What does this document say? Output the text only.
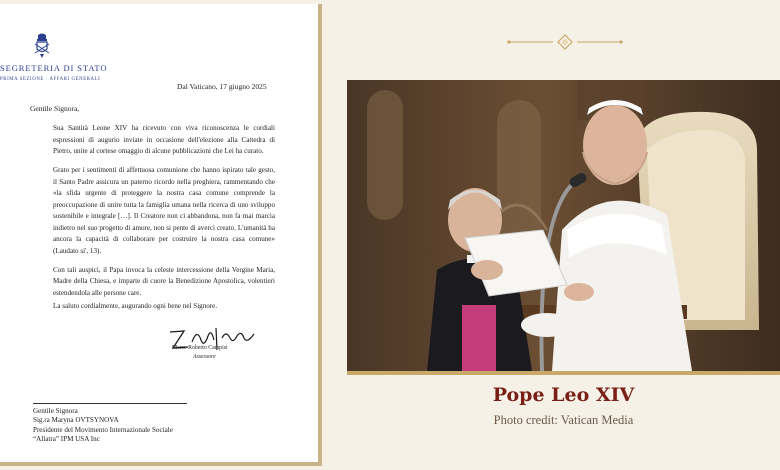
SEGRETERIA DI STATO
PRIMA SEZIONE · AFFARI GENERALI
Dal Vaticano, 17 giugno 2025
Gentile Signora,

Sua Santità Leone XIV ha ricevuto con viva riconoscenza le cordiali espressioni di augurio inviate in occasione dell'elezione alla Cattedra di Pietro, unite al cortese omaggio di alcune pubblicazioni che Lei ha curato.

Grato per i sentimenti di affettuosa comunione che hanno ispirato tale gesto, il Santo Padre assicura un paterno ricordo nella preghiera, rammentando che «la sfida urgente di proteggere la nostra casa comune comprende la preoccupazione di unire tutta la famiglia umana nella ricerca di uno sviluppo sostenibile e integrale […]. Il Creatore non ci abbandona, non fa mai marcia indietro nel suo progetto di amore, non si pente di averci creato. L'umanità ha ancora la capacità di collaborare per costruire la nostra casa comune» (Laudato si', 13).

Con tali auspici, il Papa invoca la celeste intercessione della Vergine Maria, Madre della Chiesa, e imparte di cuore la Benedizione Apostolica, volentieri estendendola alle persone care.

La saluto cordialmente, augurando ogni bene nel Signore.
Mons. Roberto Campisi
Assessore
Gentile Signora
Sig.ra Maryna OVTSYNOVA
Presidente del Movimento Internazionale Sociale
“Allatra” IPM USA Inc
Pope Leo XIV
Photo credit: Vatican Media
